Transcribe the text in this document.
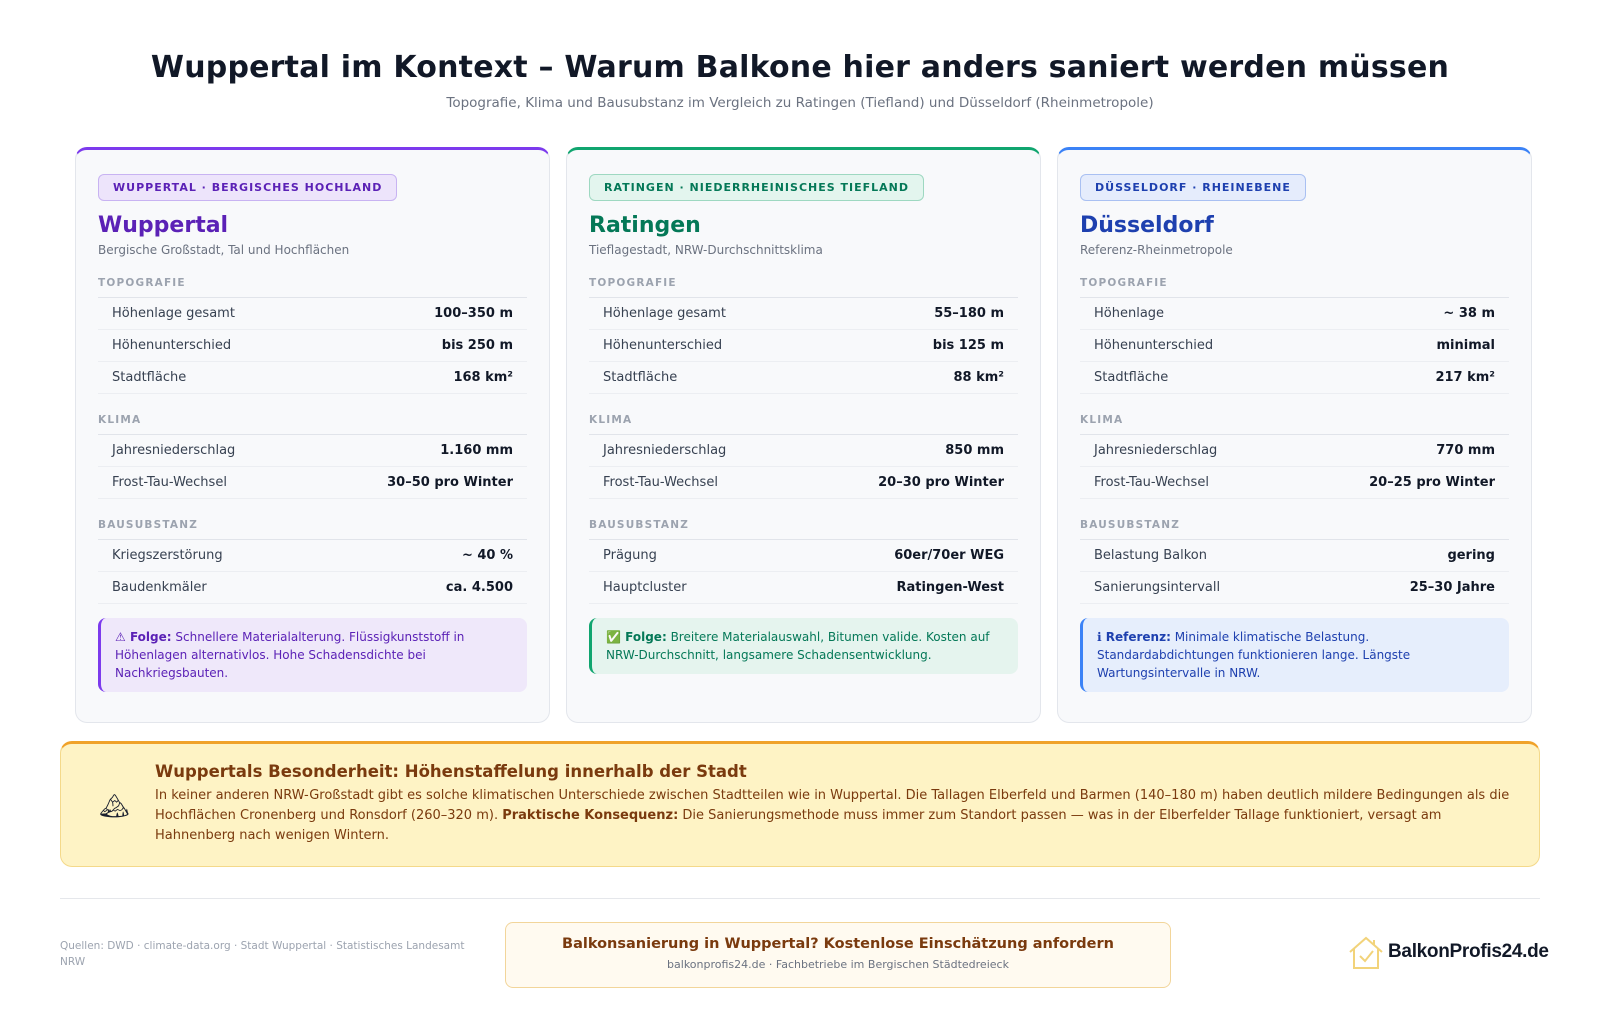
Wuppertal im Kontext – Warum Balkone hier anders saniert werden müssen

Topografie, Klima und Bausubstanz im Vergleich zu Ratingen (Tiefland) und Düsseldorf (Rheinmetropole)

WUPPERTAL · BERGISCHES HOCHLAND
Wuppertal
Bergische Großstadt, Tal und Hochflächen
TOPOGRAFIE
Höhenlage gesamt	100–350 m
Höhenunterschied	bis 250 m
Stadtfläche	168 km²
KLIMA
Jahresniederschlag	1.160 mm
Frost-Tau-Wechsel	30–50 pro Winter
BAUSUBSTANZ
Kriegszerstörung	~ 40 %
Baudenkmäler	ca. 4.500
⚠ Folge: Schnellere Materialalterung. Flüssigkunststoff in Höhenlagen alternativlos. Hohe Schadensdichte bei Nachkriegsbauten.
RATINGEN · NIEDERRHEINISCHES TIEFLAND
Ratingen
Tieflagestadt, NRW-Durchschnittsklima
TOPOGRAFIE
Höhenlage gesamt	55–180 m
Höhenunterschied	bis 125 m
Stadtfläche	88 km²
KLIMA
Jahresniederschlag	850 mm
Frost-Tau-Wechsel	20–30 pro Winter
BAUSUBSTANZ
Prägung	60er/70er WEG
Hauptcluster	Ratingen-West
✅ Folge: Breitere Materialauswahl, Bitumen valide. Kosten auf NRW-Durchschnitt, langsamere Schadensentwicklung.
DÜSSELDORF · RHEINEBENE
Düsseldorf
Referenz-Rheinmetropole
TOPOGRAFIE
Höhenlage	~ 38 m
Höhenunterschied	minimal
Stadtfläche	217 km²
KLIMA
Jahresniederschlag	770 mm
Frost-Tau-Wechsel	20–25 pro Winter
BAUSUBSTANZ
Belastung Balkon	gering
Sanierungsintervall	25–30 Jahre
ℹ Referenz: Minimale klimatische Belastung. Standardabdichtungen funktionieren lange. Längste Wartungsintervalle in NRW.
🏔
Wuppertals Besonderheit: Höhenstaffelung innerhalb der Stadt
In keiner anderen NRW-Großstadt gibt es solche klimatischen Unterschiede zwischen Stadtteilen wie in Wuppertal. Die Tallagen Elberfeld und Barmen (140–180 m) haben deutlich mildere Bedingungen als die Hochflächen Cronenberg und Ronsdorf (260–320 m). Praktische Konsequenz: Die Sanierungsmethode muss immer zum Standort passen — was in der Elberfelder Tallage funktioniert, versagt am Hahnenberg nach wenigen Wintern.
Quellen: DWD · climate-data.org · Stadt Wuppertal · Statistisches Landesamt NRW
Balkonsanierung in Wuppertal? Kostenlose Einschätzung anfordern
balkonprofis24.de · Fachbetriebe im Bergischen Städtedreieck
BalkonProfis24.de
